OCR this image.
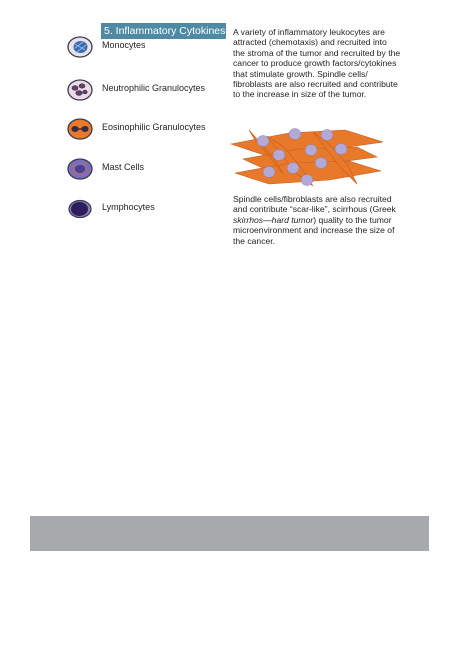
5. Inflammatory Cytokines
Monocytes
Neutrophilic Granulocytes
Eosinophilic Granulocytes
Mast Cells
Lymphocytes

A variety of inflammatory leukocytes are attracted (chemotaxis) and recruited into the stroma of the tumor and recruited by the cancer to produce growth factors/cytokines that stimulate growth. Spindle cells/ fibroblasts are also recruited and contribute to the increase in size of the tumor.

Spindle cells/fibroblasts are also recruited and contribute “scar-like”, scirrhous (Greek skirrhos—hard tumor) quality to the tumor microenvironment and increase the size of the cancer.
